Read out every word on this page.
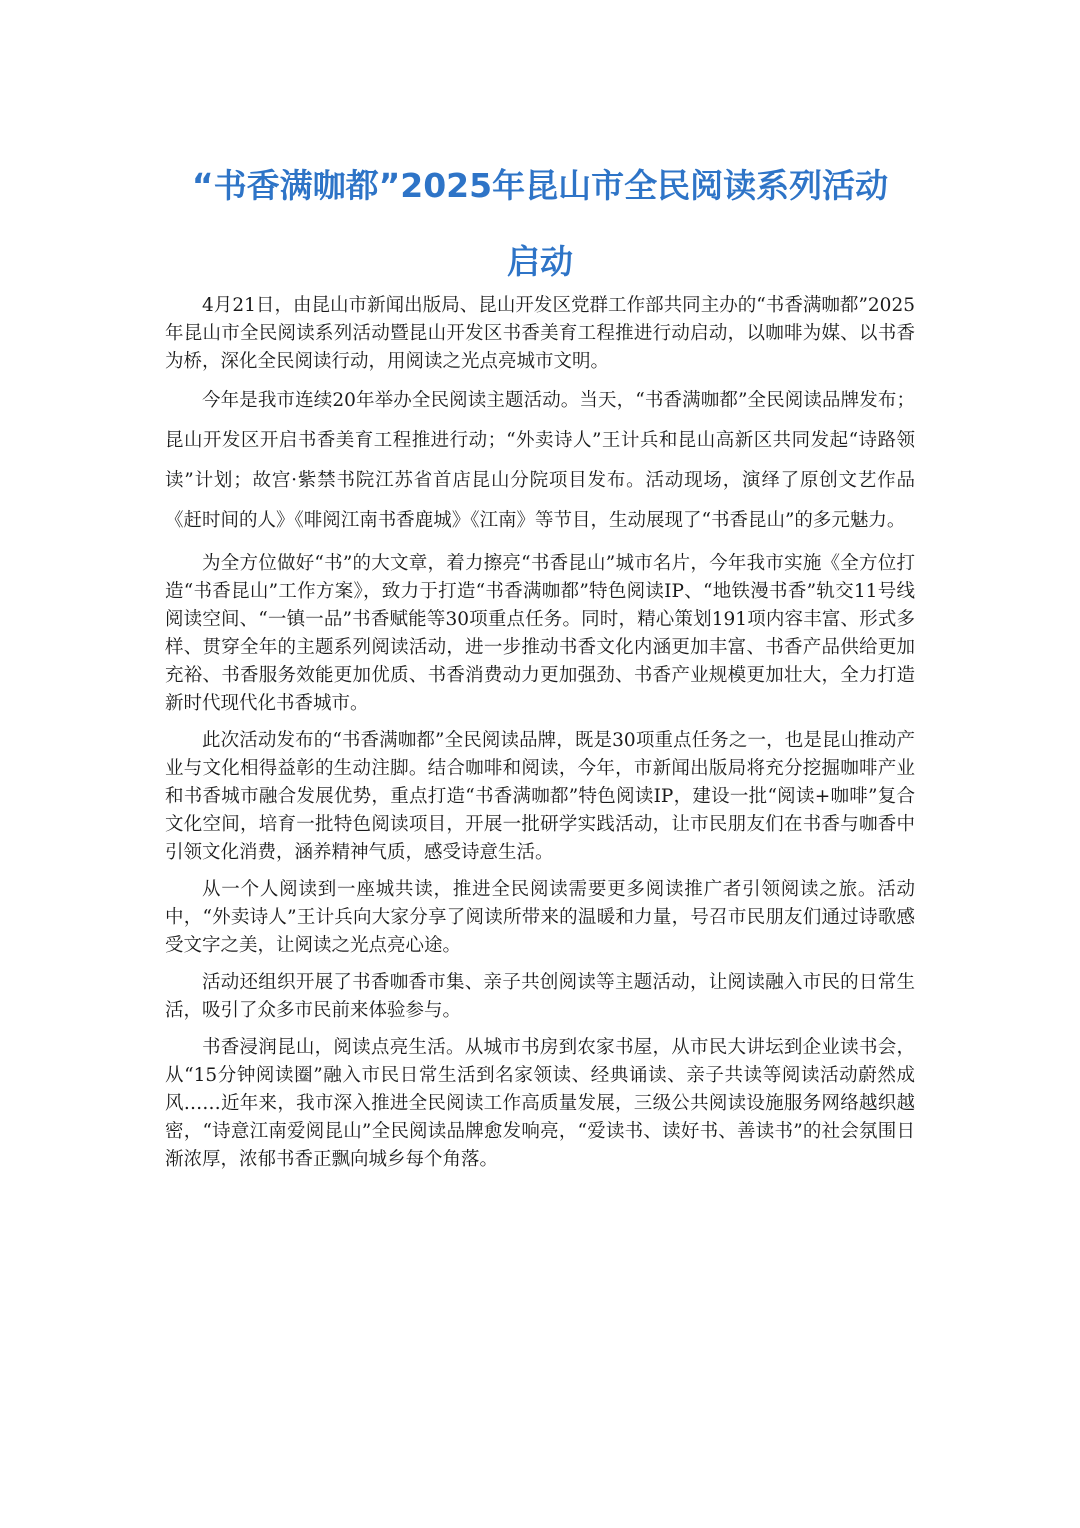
“书香满咖都”2025年昆山市全民阅读系列活动
启动

4月21日，由昆山市新闻出版局、昆山开发区党群工作部共同主办的“书香满咖都”2025年昆山市全民阅读系列活动暨昆山开发区书香美育工程推进行动启动，以咖啡为媒、以书香为桥，深化全民阅读行动，用阅读之光点亮城市文明。

今年是我市连续20年举办全民阅读主题活动。当天，“书香满咖都”全民阅读品牌发布；昆山开发区开启书香美育工程推进行动；“外卖诗人”王计兵和昆山高新区共同发起“诗路领读”计划；故宫·紫禁书院江苏省首店昆山分院项目发布。活动现场，演绎了原创文艺作品《赶时间的人》《啡阅江南书香鹿城》《江南》等节目，生动展现了“书香昆山”的多元魅力。

为全方位做好“书”的大文章，着力擦亮“书香昆山”城市名片，今年我市实施《全方位打造“书香昆山”工作方案》，致力于打造“书香满咖都”特色阅读IP、“地铁漫书香”轨交11号线阅读空间、“一镇一品”书香赋能等30项重点任务。同时，精心策划191项内容丰富、形式多样、贯穿全年的主题系列阅读活动，进一步推动书香文化内涵更加丰富、书香产品供给更加充裕、书香服务效能更加优质、书香消费动力更加强劲、书香产业规模更加壮大，全力打造新时代现代化书香城市。

此次活动发布的“书香满咖都”全民阅读品牌，既是30项重点任务之一，也是昆山推动产业与文化相得益彰的生动注脚。结合咖啡和阅读，今年，市新闻出版局将充分挖掘咖啡产业和书香城市融合发展优势，重点打造“书香满咖都”特色阅读IP，建设一批“阅读+咖啡”复合文化空间，培育一批特色阅读项目，开展一批研学实践活动，让市民朋友们在书香与咖香中引领文化消费，涵养精神气质，感受诗意生活。

从一个人阅读到一座城共读，推进全民阅读需要更多阅读推广者引领阅读之旅。活动中，“外卖诗人”王计兵向大家分享了阅读所带来的温暖和力量，号召市民朋友们通过诗歌感受文字之美，让阅读之光点亮心途。

活动还组织开展了书香咖香市集、亲子共创阅读等主题活动，让阅读融入市民的日常生活，吸引了众多市民前来体验参与。

书香浸润昆山，阅读点亮生活。从城市书房到农家书屋，从市民大讲坛到企业读书会，从“15分钟阅读圈”融入市民日常生活到名家领读、经典诵读、亲子共读等阅读活动蔚然成风……近年来，我市深入推进全民阅读工作高质量发展，三级公共阅读设施服务网络越织越密，“诗意江南爱阅昆山”全民阅读品牌愈发响亮，“爱读书、读好书、善读书”的社会氛围日渐浓厚，浓郁书香正飘向城乡每个角落。
